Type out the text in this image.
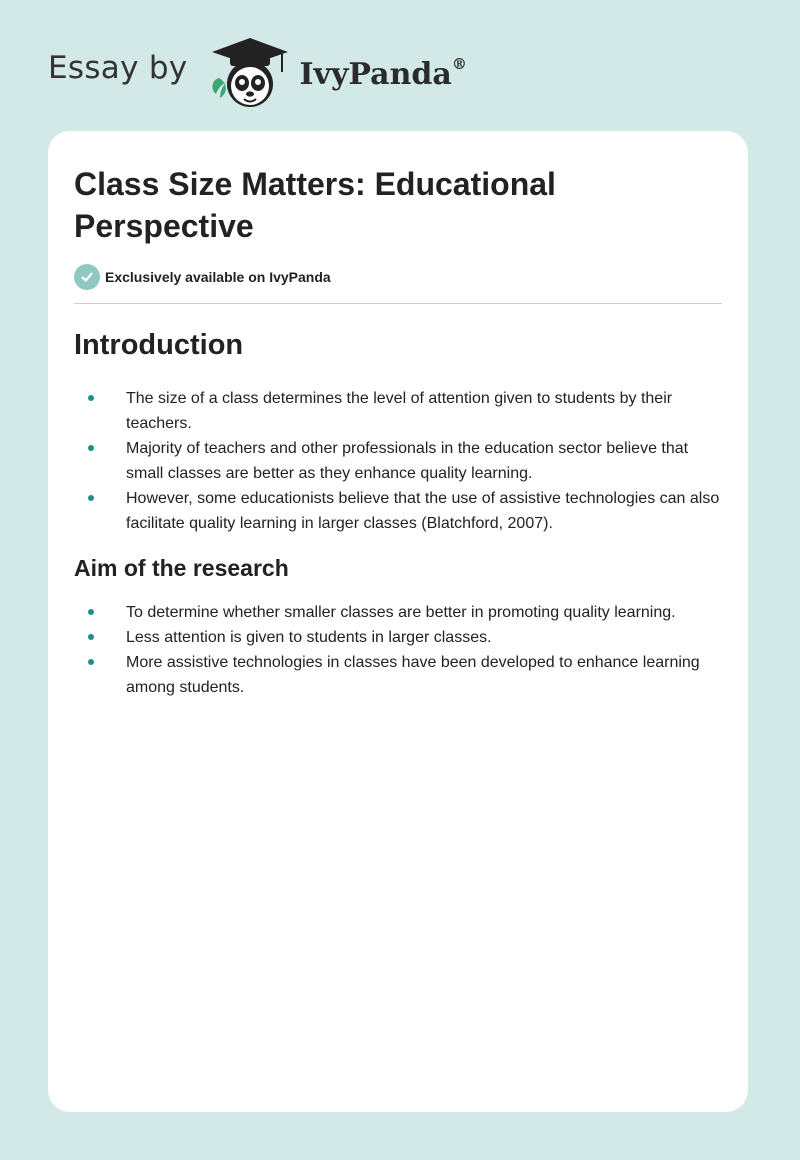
Essay by	IvyPanda®
Class Size Matters: Educational Perspective
Exclusively available on IvyPanda
Introduction
The size of a class determines the level of attention given to students by their teachers.
Majority of teachers and other professionals in the education sector believe that small classes are better as they enhance quality learning.
However, some educationists believe that the use of assistive technologies can also facilitate quality learning in larger classes (Blatchford, 2007).
Aim of the research
To determine whether smaller classes are better in promoting quality learning.
Less attention is given to students in larger classes.
More assistive technologies in classes have been developed to enhance learning among students.
